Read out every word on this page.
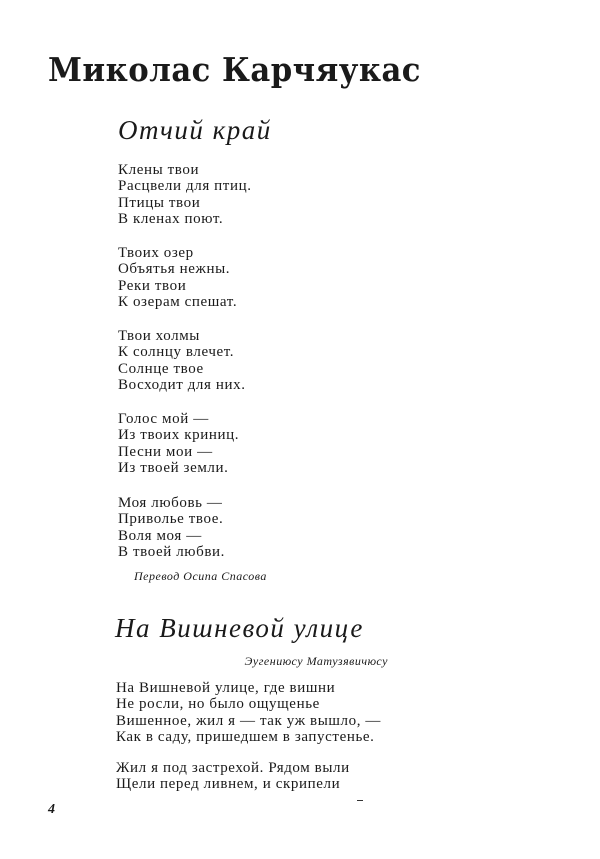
Миколас Карчяукас
Отчий край
Клены твои
Расцвели для птиц.
Птицы твои
В кленах поют.
Твоих озер
Объятья нежны.
Реки твои
К озерам спешат.
Твои холмы
К солнцу влечет.
Солнце твое
Восходит для них.
Голос мой —
Из твоих криниц.
Песни мои —
Из твоей земли.
Моя любовь —
Приволье твое.
Воля моя —
В твоей любви.
Перевод Осипа Спасова
На Вишневой улице
Эугениюсу Матузявичюсу
На Вишневой улице, где вишни
Не росли, но было ощущенье
Вишенное, жил я — так уж вышло, —
Как в саду, пришедшем в запустенье.
Жил я под застрехой. Рядом выли
Щели перед ливнем, и скрипели
4
